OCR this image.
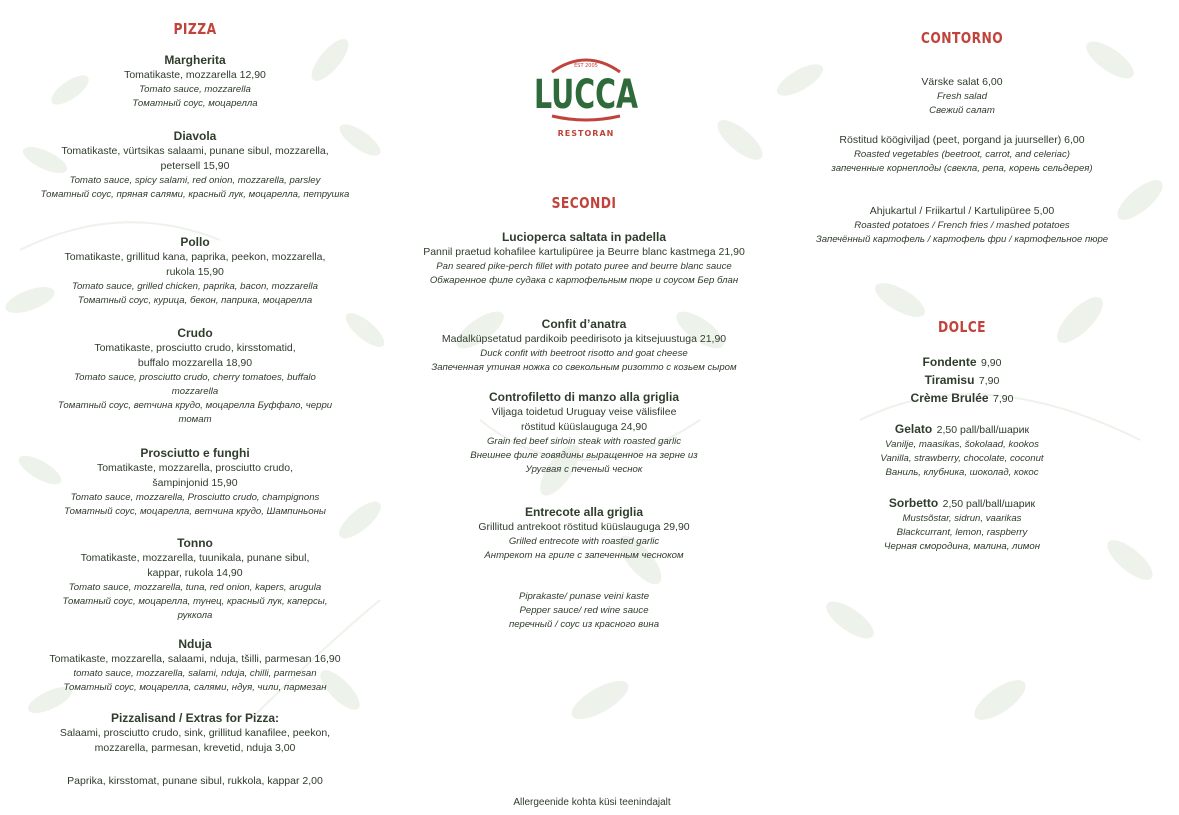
EST 2005
LUCCA
RESTORAN
PIZZA
Margherita
Tomatikaste, mozzarella 12,90
Tomato sauce, mozzarella
Томатный соус, моцарелла
Diavola
Tomatikaste, vürtsikas salaami, punane sibul, mozzarella, petersell 15,90
Tomato sauce, spicy salami, red onion, mozzarella, parsley
Томатный соус, пряная салями, красный лук, моцарелла, петрушка
Pollo
Tomatikaste, grillitud kana, paprika, peekon, mozzarella, rukola 15,90
Tomato sauce, grilled chicken, paprika, bacon, mozzarella
Томатный соус, курица, бекон, паприка, моцарелла
Crudo
Tomatikaste, prosciutto crudo, kirsstomatid, buffalo mozzarella 18,90
Tomato sauce, prosciutto crudo, cherry tomatoes, buffalo mozzarella
Томатный соус, ветчина крудо, моцарелла Буффало, черри томат
Prosciutto e funghi
Tomatikaste, mozzarella, prosciutto crudo, šampinjonid 15,90
Tomato sauce, mozzarella, Prosciutto crudo, champignons
Томатный соус, моцарелла, ветчина крудо, Шампиньоны
Tonno
Tomatikaste, mozzarella, tuunikala, punane sibul, kappar, rukola 14,90
Tomato sauce, mozzarella, tuna, red onion, kapers, arugula
Томатный соус, моцарелла, тунец, красный лук, каперсы, руккола
Nduja
Tomatikaste, mozzarella, salaami, nduja, tšilli, parmesan 16,90
tomato sauce, mozzarella, salami, nduja, chilli, parmesan
Томатный соус, моцарелла, салями, ндуя, чили, пармезан
Pizzalisand / Extras for Pizza:
Salaami, prosciutto crudo, sink, grillitud kanafilee, peekon, mozzarella, parmesan, krevetid, nduja 3,00
Paprika, kirsstomat, punane sibul, rukkola, kappar 2,00
SECONDI
Lucioperca saltata in padella
Pannil praetud kohafilee kartulipüree ja Beurre blanc kastmega 21,90
Pan seared pike-perch fillet with potato puree and beurre blanc sauce
Обжаренное филе судака с картофельным пюре и соусом Бер блан
Confit d’anatra
Madalküpsetatud pardikoib peedirisoto ja kitsejuustuga 21,90
Duck confit with beetroot risotto and goat cheese
Запеченная утиная ножка со свекольным ризотто с козьем сыром
Controfiletto di manzo alla griglia
Viljaga toidetud Uruguay veise välisfilee röstitud küüslauguga 24,90
Grain fed beef sirloin steak with roasted garlic
Внешнее филе говядины выращенное на зерне из Уругвая с печеный чеснок
Entrecote alla griglia
Grillitud antrekoot röstitud küüslauguga 29,90
Grilled entrecote with roasted garlic
Антрекот на гриле с запеченным чесноком
Piprakaste/ punase veini kaste
Pepper sauce/ red wine sauce
перечный / соус из красного вина
CONTORNO
Värske salat 6,00
Fresh salad
Свежий салат
Röstitud köögiviljad (peet, porgand ja juurseller) 6,00
Roasted vegetables (beetroot, carrot, and celeriac)
запеченные корнеплоды (свекла, репа, корень сельдерея)
Ahjukartul / Friikartul / Kartulipüree 5,00
Roasted potatoes / French fries / mashed potatoes
Запечённый картофель / картофель фри / картофельное пюре
DOLCE
Fondente 9,90
Tiramisu 7,90
Crème Brulée 7,90
Gelato 2,50 pall/ball/шарик
Vanilje, maasikas, šokolaad, kookos
Vanilla, strawberry, chocolate, coconut
Ваниль, клубника, шоколад, кокос
Sorbetto 2,50 pall/ball/шарик
Mustsõstar, sidrun, vaarikas
Blackcurrant, lemon, raspberry
Черная смородина, малина, лимон
Allergeenide kohta küsi teenindajalt
